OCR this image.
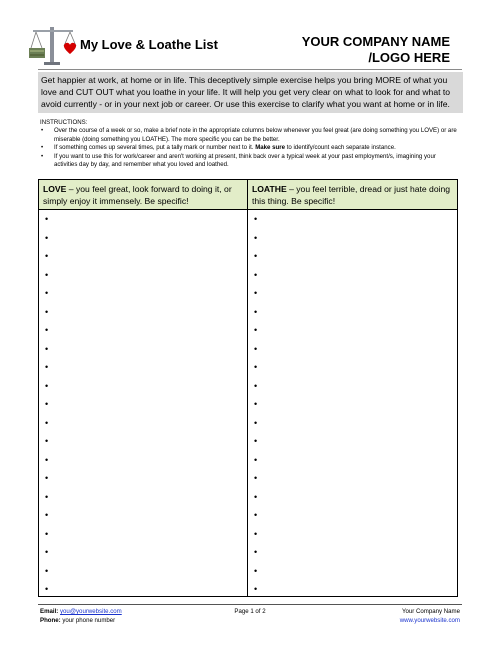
My Love & Loathe List	YOUR COMPANY NAME
/LOGO HERE
Get happier at work, at home or in life. This deceptively simple exercise helps you bring MORE of what you love and CUT OUT what you loathe in your life. It will help you get very clear on what to look for and what to avoid currently - or in your next job or career. Or use this exercise to clarify what you want at home or in life.
INSTRUCTIONS:
• Over the course of a week or so, make a brief note in the appropriate columns below whenever you feel great (are doing something you LOVE) or are miserable (doing something you LOATHE). The more specific you can be the better.
• If something comes up several times, put a tally mark or number next to it. Make sure to identify/count each separate instance.
• If you want to use this for work/career and aren't working at present, think back over a typical week at your past employment/s, imagining your activities day by day, and remember what you loved and loathed.
LOVE – you feel great, look forward to doing it, or simply enjoy it immensely. Be specific!
•
•
•
•
•
•
•
•
•
•
•
•
•
•
•
•
•
•
•
•
•
LOATHE – you feel terrible, dread or just hate doing this thing. Be specific!
•
•
•
•
•
•
•
•
•
•
•
•
•
•
•
•
•
•
•
•
•
Email: you@yourwebsite.com
Phone: your phone number
Page 1 of 2	Your Company Name
www.yourwebsite.com
